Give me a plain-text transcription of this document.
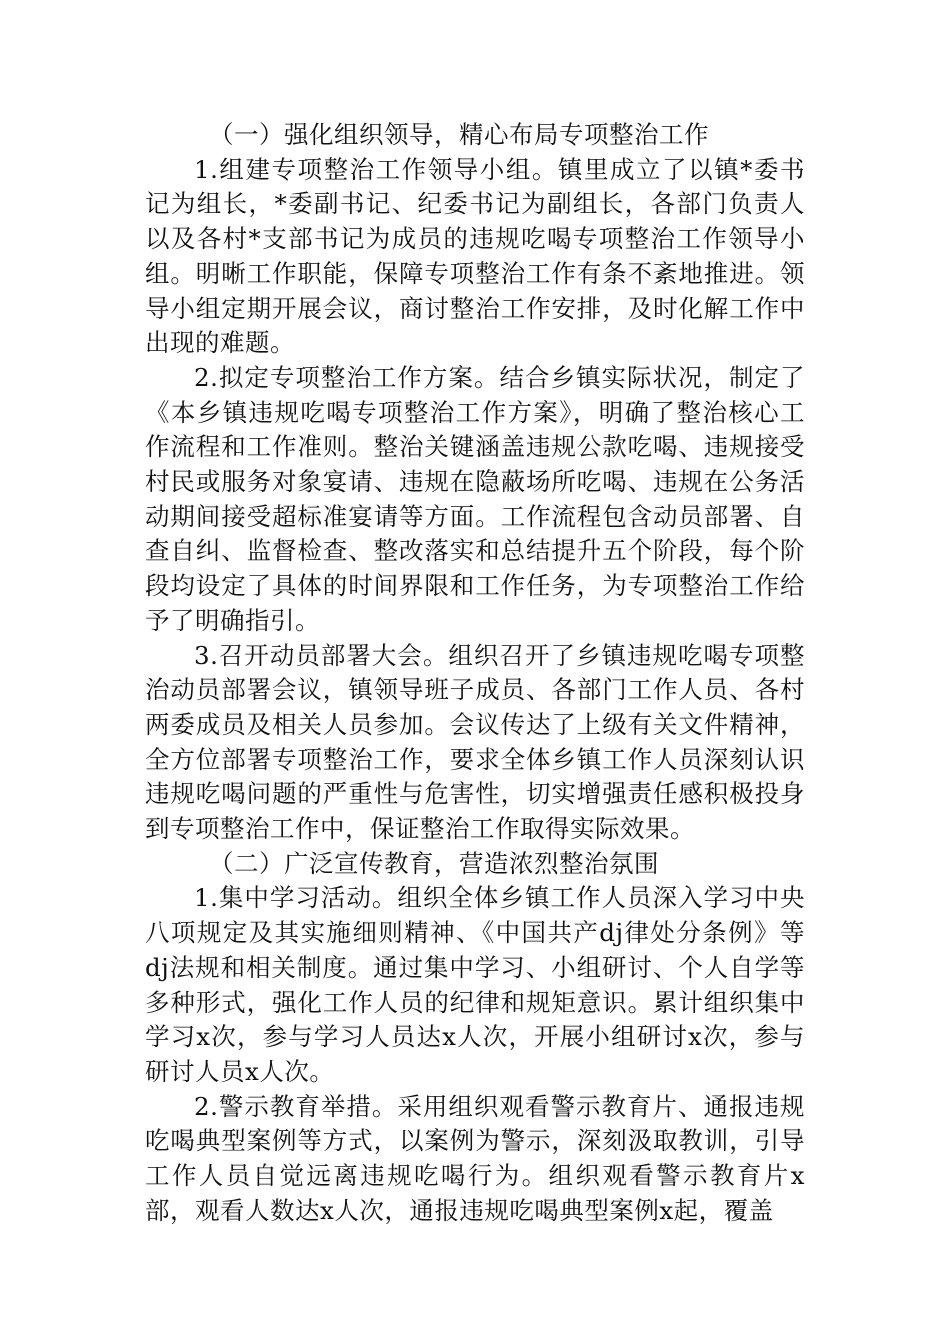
（一）强化组织领导，精心布局专项整治工作

1.组建专项整治工作领导小组。镇里成立了以镇*委书记为组长，*委副书记、纪委书记为副组长，各部门负责人以及各村*支部书记为成员的违规吃喝专项整治工作领导小组。明晰工作职能，保障专项整治工作有条不紊地推进。领导小组定期开展会议，商讨整治工作安排，及时化解工作中出现的难题。

2.拟定专项整治工作方案。结合乡镇实际状况，制定了《本乡镇违规吃喝专项整治工作方案》，明确了整治核心工作流程和工作准则。整治关键涵盖违规公款吃喝、违规接受村民或服务对象宴请、违规在隐蔽场所吃喝、违规在公务活动期间接受超标准宴请等方面。工作流程包含动员部署、自查自纠、监督检查、整改落实和总结提升五个阶段，每个阶段均设定了具体的时间界限和工作任务，为专项整治工作给予了明确指引。

3.召开动员部署大会。组织召开了乡镇违规吃喝专项整治动员部署会议，镇领导班子成员、各部门工作人员、各村两委成员及相关人员参加。会议传达了上级有关文件精神，全方位部署专项整治工作，要求全体乡镇工作人员深刻认识违规吃喝问题的严重性与危害性，切实增强责任感积极投身到专项整治工作中，保证整治工作取得实际效果。

（二）广泛宣传教育，营造浓烈整治氛围

1.集中学习活动。组织全体乡镇工作人员深入学习中央八项规定及其实施细则精神、《中国共产dj律处分条例》等dj法规和相关制度。通过集中学习、小组研讨、个人自学等多种形式，强化工作人员的纪律和规矩意识。累计组织集中学习x次，参与学习人员达x人次，开展小组研讨x次，参与研讨人员x人次。

2.警示教育举措。采用组织观看警示教育片、通报违规吃喝典型案例等方式，以案例为警示，深刻汲取教训，引导工作人员自觉远离违规吃喝行为。组织观看警示教育片x部，观看人数达x人次，通报违规吃喝典型案例x起，覆盖
